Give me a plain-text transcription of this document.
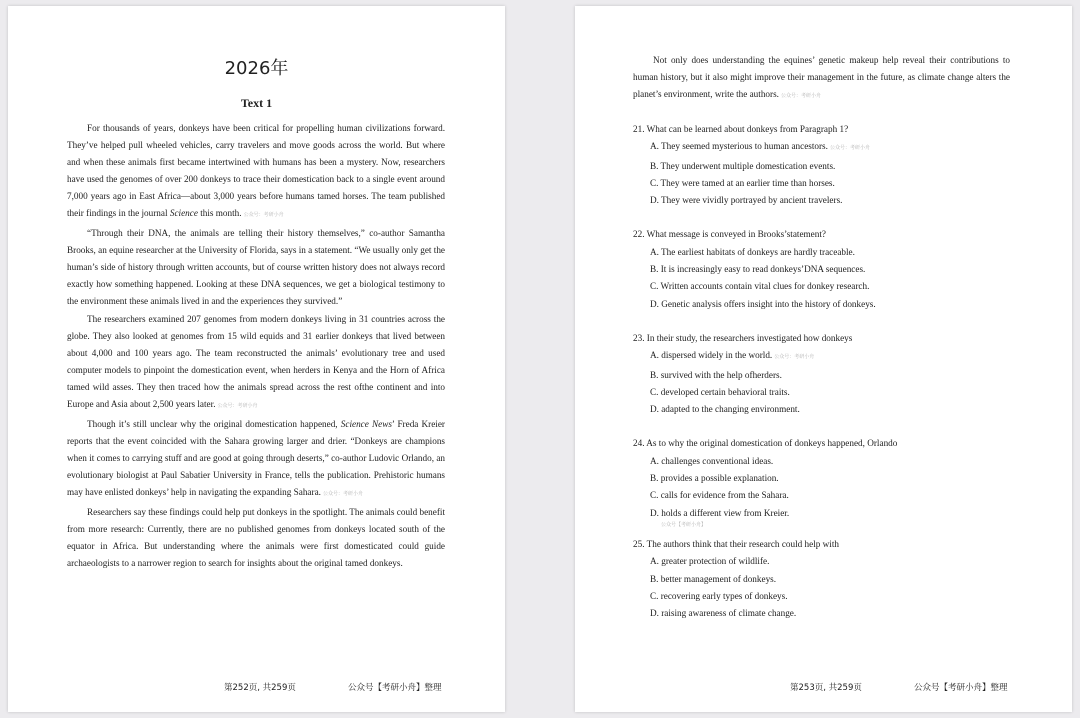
2026年
Text 1

For thousands of years, donkeys have been critical for propelling human civilizations forward. They’ve helped pull wheeled vehicles, carry travelers and move goods across the world. But where and when these animals first became intertwined with humans has been a mystery. Now, researchers have used the genomes of over 200 donkeys to trace their domestication back to a single event around 7,000 years ago in East Africa—about 3,000 years before humans tamed horses. The team published their findings in the journal Science this month. 公众号：考研小舟

“Through their DNA, the animals are telling their history themselves,” co-author Samantha Brooks, an equine researcher at the University of Florida, says in a statement. “We usually only get the human’s side of history through written accounts, but of course written history does not always record exactly how something happened. Looking at these DNA sequences, we get a biological testimony to the environment these animals lived in and the experiences they survived.”

The researchers examined 207 genomes from modern donkeys living in 31 countries across the globe. They also looked at genomes from 15 wild equids and 31 earlier donkeys that lived between about 4,000 and 100 years ago. The team reconstructed the animals’ evolutionary tree and used computer models to pinpoint the domestication event, when herders in Kenya and the Horn of Africa tamed wild asses. They then traced how the animals spread across the rest ofthe continent and into Europe and Asia about 2,500 years later. 公众号：考研小舟

Though it’s still unclear why the original domestication happened, Science News’ Freda Kreier reports that the event coincided with the Sahara growing larger and drier. “Donkeys are champions when it comes to carrying stuff and are good at going through deserts,” co-author Ludovic Orlando, an evolutionary biologist at Paul Sabatier University in France, tells the publication. Prehistoric humans may have enlisted donkeys’ help in navigating the expanding Sahara. 公众号：考研小舟

Researchers say these findings could help put donkeys in the spotlight. The animals could benefit from more research: Currently, there are no published genomes from donkeys located south of the equator in Africa. But understanding where the animals were first domesticated could guide archaeologists to a narrower region to search for insights about the original tamed donkeys.

第252页, 共259页	公众号【考研小舟】整理

Not only does understanding the equines’ genetic makeup help reveal their contributions to human history, but it also might improve their management in the future, as climate change alters the planet’s environment, write the authors. 公众号：考研小舟

21. What can be learned about donkeys from Paragraph 1?

A. They seemed mysterious to human ancestors. 公众号：考研小舟

B. They underwent multiple domestication events.

C. They were tamed at an earlier time than horses.

D. They were vividly portrayed by ancient travelers.

22. What message is conveyed in Brooks’statement?

A. The earliest habitats of donkeys are hardly traceable.

B. It is increasingly easy to read donkeys’DNA sequences.

C. Written accounts contain vital clues for donkey research.

D. Genetic analysis offers insight into the history of donkeys.

23. In their study, the researchers investigated how donkeys

A. dispersed widely in the world. 公众号：考研小舟

B. survived with the help ofherders.

C. developed certain behavioral traits.

D. adapted to the changing environment.

24. As to why the original domestication of donkeys happened, Orlando

A. challenges conventional ideas.

B. provides a possible explanation.

C. calls for evidence from the Sahara.

D. holds a different view from Kreier.

公众号【考研小舟】

25. The authors think that their research could help with

A. greater protection of wildlife.

B. better management of donkeys.

C. recovering early types of donkeys.

D. raising awareness of climate change.

第253页, 共259页	公众号【考研小舟】整理
